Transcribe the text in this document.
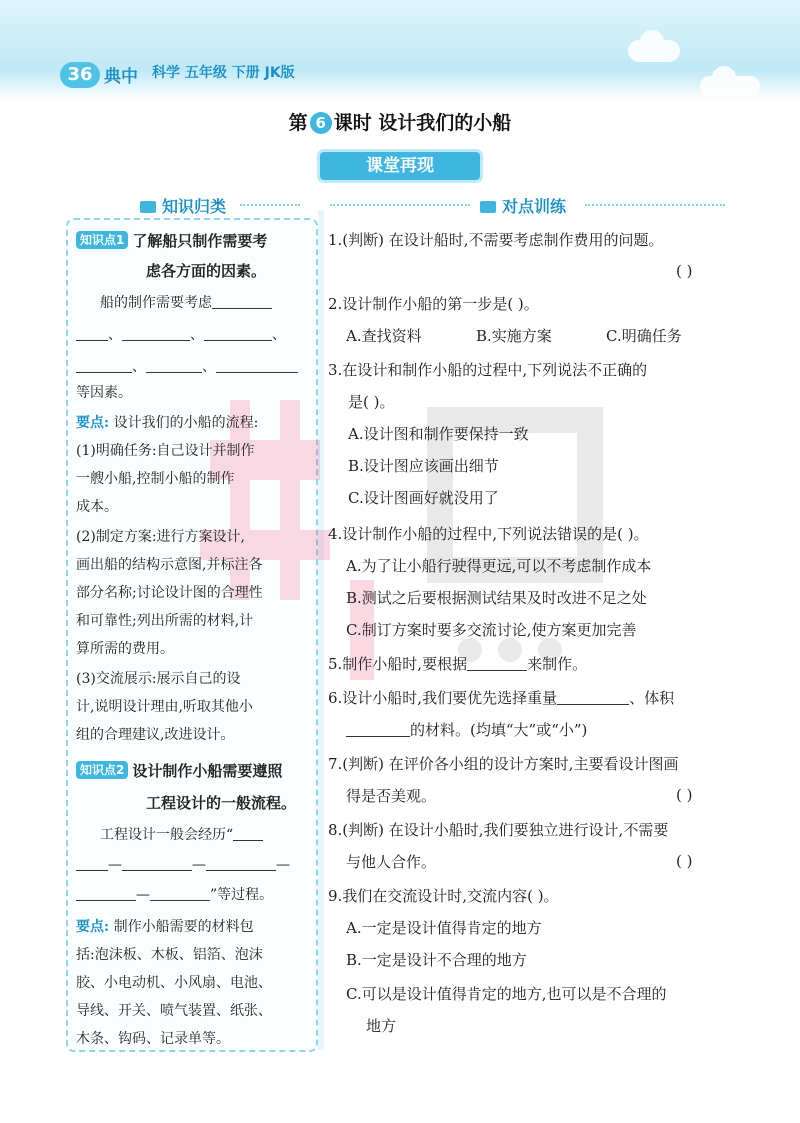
36 典中 科学 五年级 下册 JK版
第 6 课时 设计我们的小船
课堂再现
知识归类	对点训练
知识点1 了解船只制作需要考
虑各方面的因素。
船的制作需要考虑
、	、	、
、	、
等因素。
要点: 设计我们的小船的流程:
(1)明确任务:自己设计并制作
一艘小船,控制小船的制作
成本。
(2)制定方案:进行方案设计,
画出船的结构示意图,并标注各
部分名称;讨论设计图的合理性
和可靠性;列出所需的材料,计
算所需的费用。
(3)交流展示:展示自己的设
计,说明设计理由,听取其他小
组的合理建议,改进设计。
知识点2 设计制作小船需要遵照
工程设计的一般流程。
工程设计一般会经历“
—	—	—
—	”等过程。
要点: 制作小船需要的材料包
括:泡沫板、木板、铝箔、泡沫
胶、小电动机、小风扇、电池、
导线、开关、喷气装置、纸张、
木条、钩码、记录单等。
1.(判断) 在设计船时,不需要考虑制作费用的问题。
( )
2.设计制作小船的第一步是( )。
A.查找资料	B.实施方案	C.明确任务
3.在设计和制作小船的过程中,下列说法不正确的
是( )。
A.设计图和制作要保持一致
B.设计图应该画出细节
C.设计图画好就没用了
4.设计制作小船的过程中,下列说法错误的是( )。
A.为了让小船行驶得更远,可以不考虑制作成本
B.测试之后要根据测试结果及时改进不足之处
C.制订方案时要多交流讨论,使方案更加完善
5.制作小船时,要根据	来制作。
6.设计小船时,我们要优先选择重量	、体积
的材料。(均填“大”或“小”)
7.(判断) 在评价各小组的设计方案时,主要看设计图画
得是否美观。	( )
8.(判断) 在设计小船时,我们要独立进行设计,不需要
与他人合作。	( )
9.我们在交流设计时,交流内容( )。
A.一定是设计值得肯定的地方
B.一定是设计不合理的地方
C.可以是设计值得肯定的地方,也可以是不合理的
地方
